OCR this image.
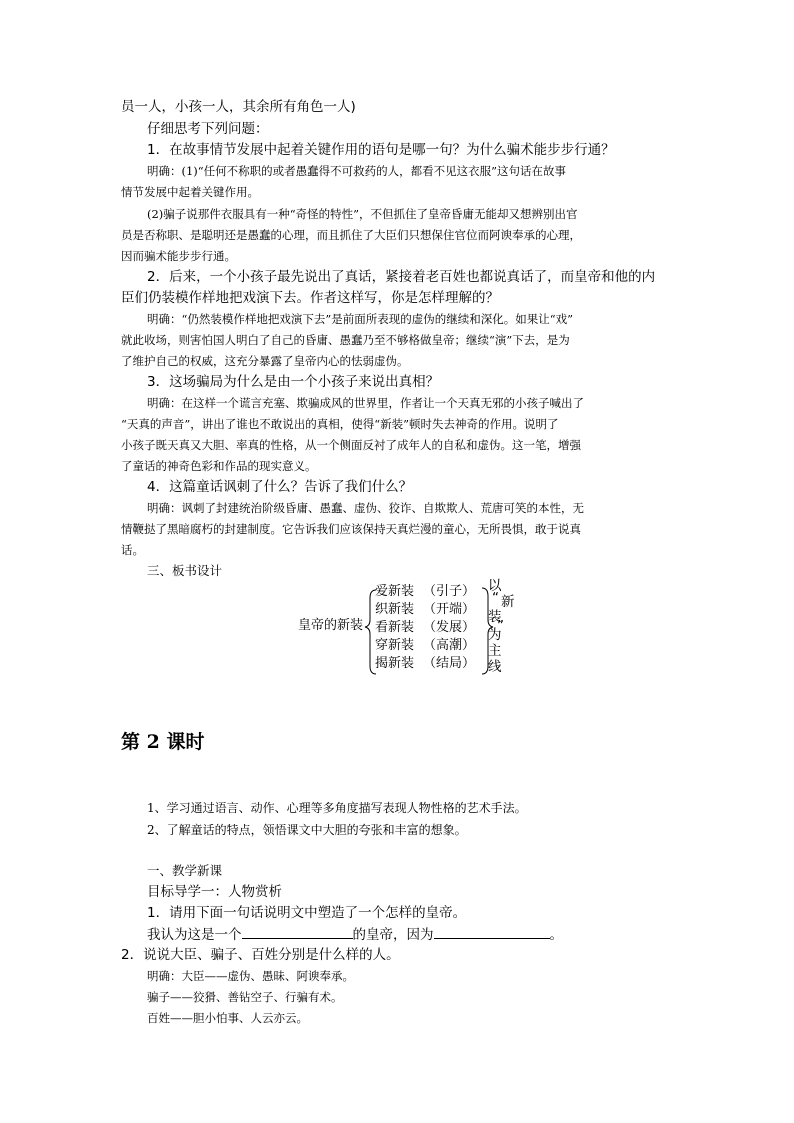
员一人，小孩一人，其余所有角色一人)
仔细思考下列问题：
1．在故事情节发展中起着关键作用的语句是哪一句？为什么骗术能步步行通？
明确：(1)“任何不称职的或者愚蠢得不可救药的人，都看不见这衣服”这句话在故事
情节发展中起着关键作用。
(2)骗子说那件衣服具有一种“奇怪的特性”，不但抓住了皇帝昏庸无能却又想辨别出官
员是否称职、是聪明还是愚蠢的心理，而且抓住了大臣们只想保住官位而阿谀奉承的心理，
因而骗术能步步行通。
2．后来，一个小孩子最先说出了真话，紧接着老百姓也都说真话了，而皇帝和他的内
臣们仍装模作样地把戏演下去。作者这样写，你是怎样理解的？
明确：“仍然装模作样地把戏演下去”是前面所表现的虚伪的继续和深化。如果让“戏”
就此收场，则害怕国人明白了自己的昏庸、愚蠢乃至不够格做皇帝；继续“演”下去，是为
了维护自己的权威，这充分暴露了皇帝内心的怯弱虚伪。
3．这场骗局为什么是由一个小孩子来说出真相？
明确：在这样一个谎言充塞、欺骗成风的世界里，作者让一个天真无邪的小孩子喊出了
“天真的声音”，讲出了谁也不敢说出的真相，使得“新装”顿时失去神奇的作用。说明了
小孩子既天真又大胆、率真的性格，从一个侧面反衬了成年人的自私和虚伪。这一笔，增强
了童话的神奇色彩和作品的现实意义。
4．这篇童话讽刺了什么？告诉了我们什么？
明确：讽刺了封建统治阶级昏庸、愚蠢、虚伪、狡诈、自欺欺人、荒唐可笑的本性，无
情鞭挞了黑暗腐朽的封建制度。它告诉我们应该保持天真烂漫的童心，无所畏惧，敢于说真
话。
三、板书设计
皇帝的新装
爱新装 （引子）
织新装 （开端）
看新装 （发展）
穿新装 （高潮）
揭新装 （结局）
以
“ 新
装
”
为
主
线
第 2 课时
1、学习通过语言、动作、心理等多角度描写表现人物性格的艺术手法。
2、了解童话的特点，领悟课文中大胆的夸张和丰富的想象。
一、教学新课
目标导学一：人物赏析
1．请用下面一句话说明文中塑造了一个怎样的皇帝。
我认为这是一个	的皇帝，因为	。
2．说说大臣、骗子、百姓分别是什么样的人。
明确：大臣——虚伪、愚昧、阿谀奉承。
骗子——狡猾、善钻空子、行骗有术。
百姓——胆小怕事、人云亦云。
